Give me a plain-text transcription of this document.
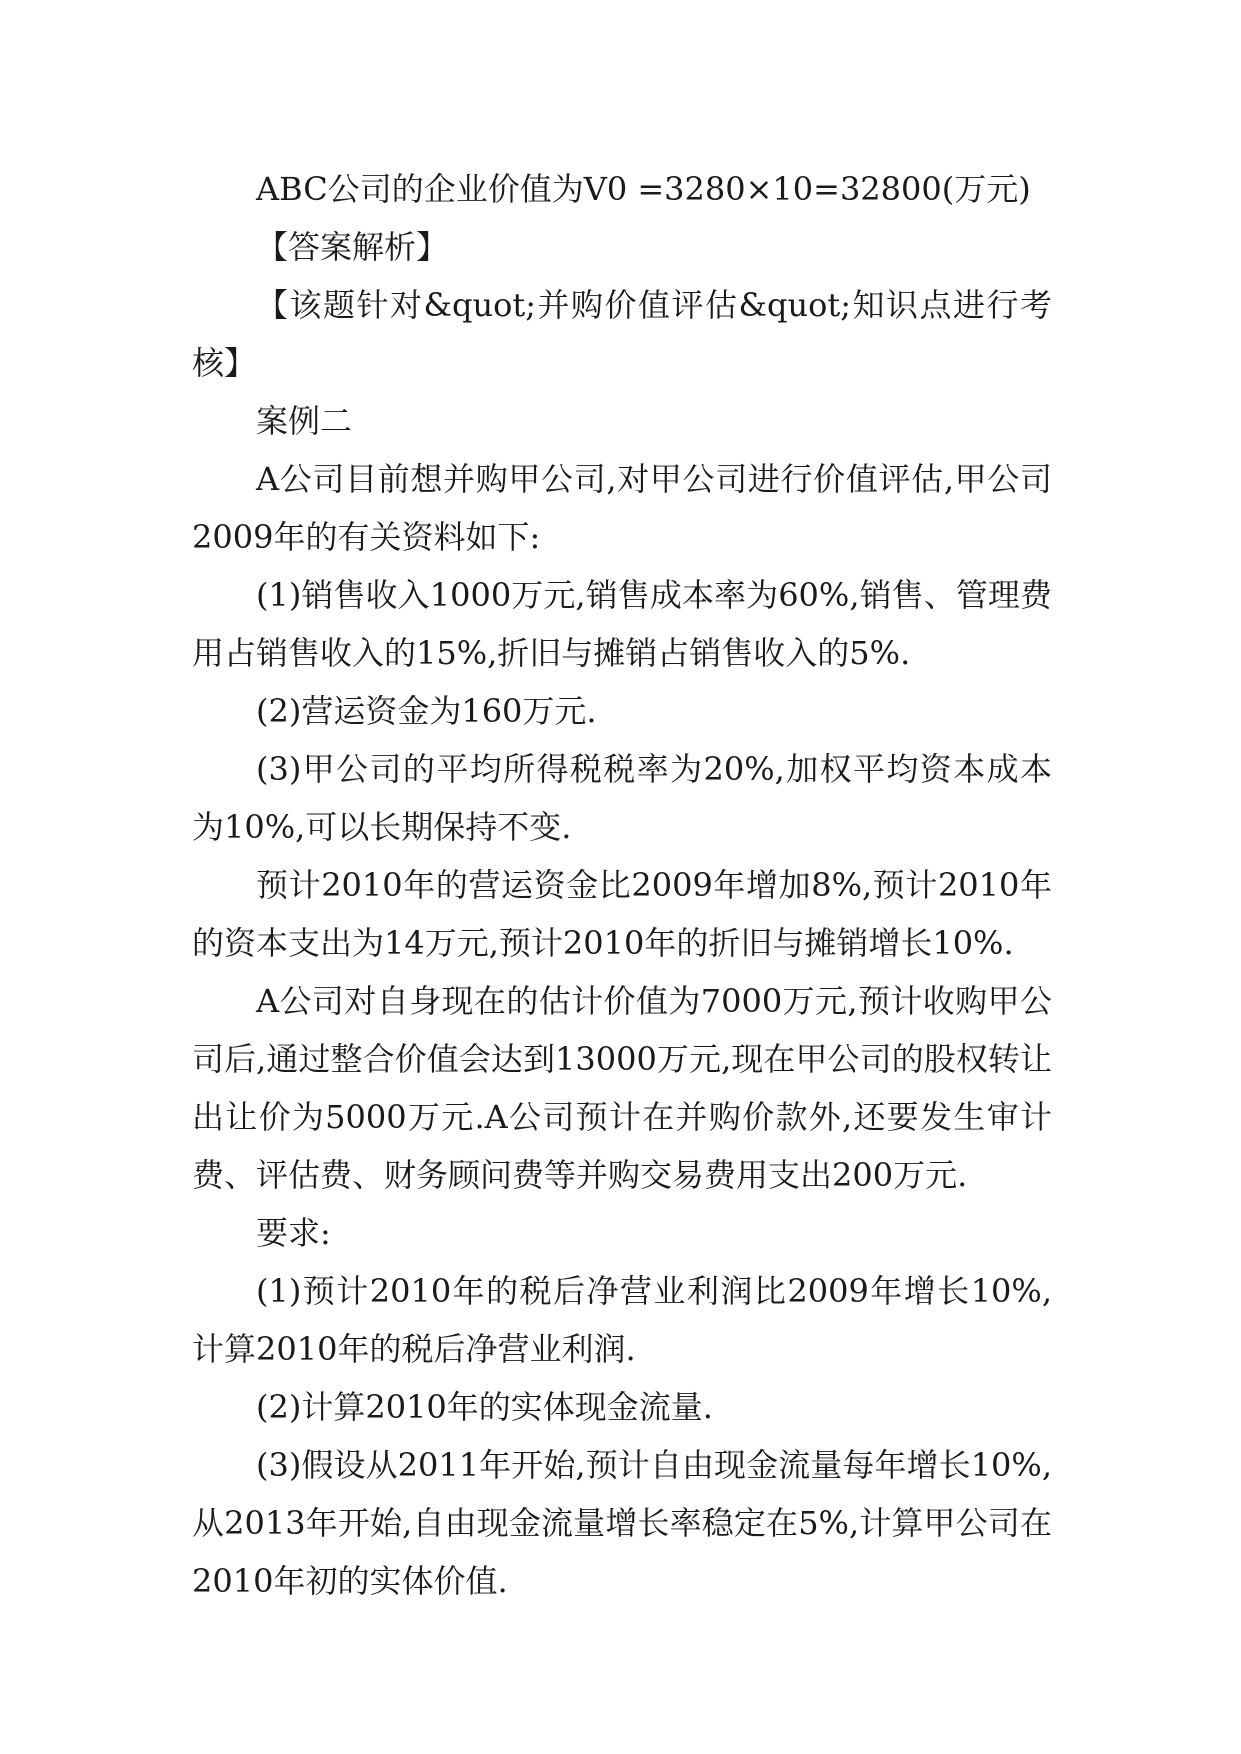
ABC公司的企业价值为V0 =3280×10=32800(万元)

【答案解析】

【该题针对&quot;并购价值评估&quot;知识点进行考核】

案例二

A公司目前想并购甲公司,对甲公司进行价值评估,甲公司2009年的有关资料如下:

(1)销售收入1000万元,销售成本率为60%,销售、管理费用占销售收入的15%,折旧与摊销占销售收入的5%.

(2)营运资金为160万元.

(3)甲公司的平均所得税税率为20%,加权平均资本成本为10%,可以长期保持不变.

预计2010年的营运资金比2009年增加8%,预计2010年的资本支出为14万元,预计2010年的折旧与摊销增长10%.

A公司对自身现在的估计价值为7000万元,预计收购甲公司后,通过整合价值会达到13000万元,现在甲公司的股权转让出让价为5000万元.A公司预计在并购价款外,还要发生审计费、评估费、财务顾问费等并购交易费用支出200万元.

要求:

(1)预计2010年的税后净营业利润比2009年增长10%,计算2010年的税后净营业利润.

(2)计算2010年的实体现金流量.

(3)假设从2011年开始,预计自由现金流量每年增长10%,从2013年开始,自由现金流量增长率稳定在5%,计算甲公司在2010年初的实体价值.
